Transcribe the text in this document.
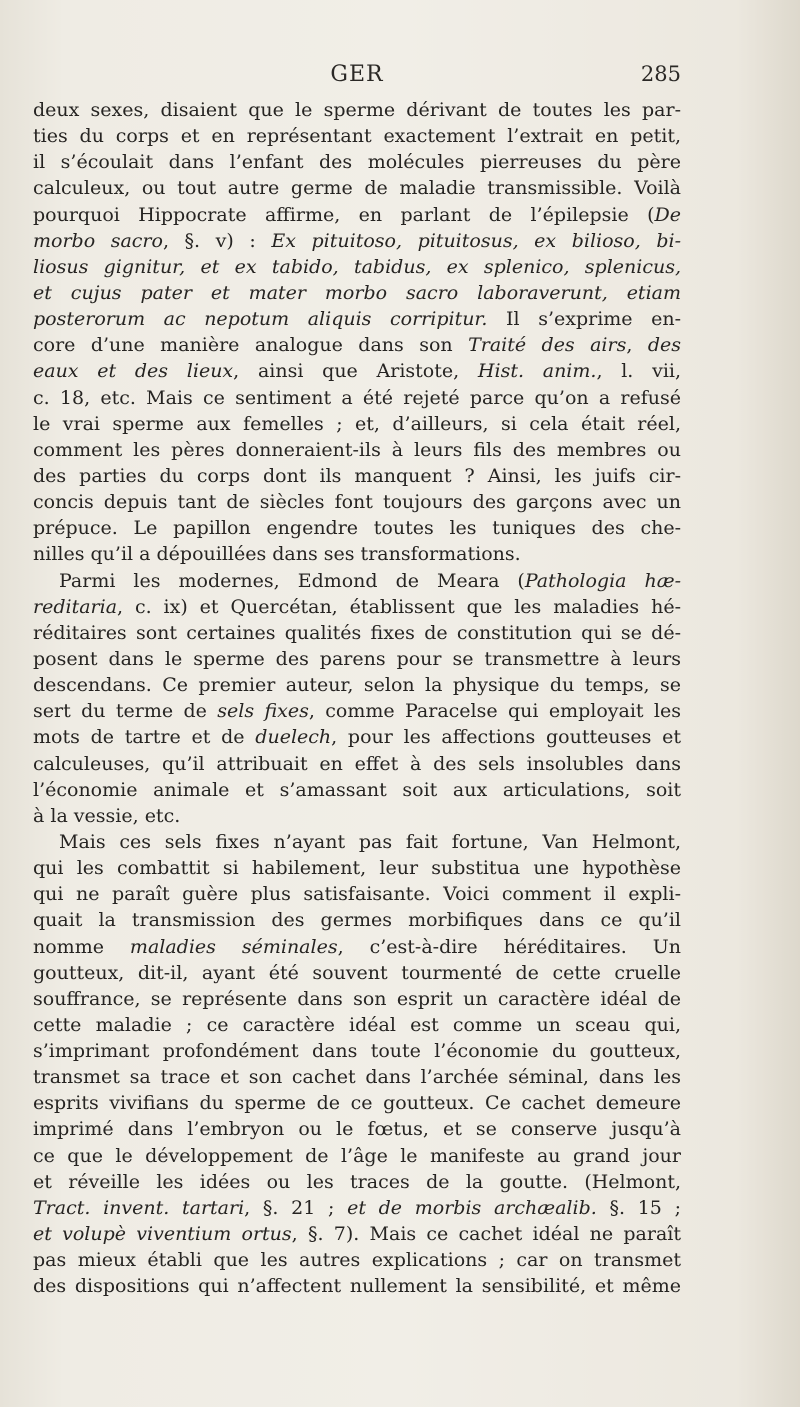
GER	285
deux sexes, disaient que le sperme dérivant de toutes les par-
ties du corps et en représentant exactement l’extrait en petit,
il s’écoulait dans l’enfant des molécules pierreuses du père
calculeux, ou tout autre germe de maladie transmissible. Voilà
pourquoi Hippocrate affirme, en parlant de l’épilepsie (De
morbo sacro, §. v) : Ex pituitoso, pituitosus, ex bilioso, bi-
liosus gignitur, et ex tabido, tabidus, ex splenico, splenicus,
et cujus pater et mater morbo sacro laboraverunt, etiam
posterorum ac nepotum aliquis corripitur. Il s’exprime en-
core d’une manière analogue dans son Traité des airs, des
eaux et des lieux, ainsi que Aristote, Hist. anim., l. vii,
c. 18, etc. Mais ce sentiment a été rejeté parce qu’on a refusé
le vrai sperme aux femelles ; et, d’ailleurs, si cela était réel,
comment les pères donneraient-ils à leurs fils des membres ou
des parties du corps dont ils manquent ? Ainsi, les juifs cir-
concis depuis tant de siècles font toujours des garçons avec un
prépuce. Le papillon engendre toutes les tuniques des che-
nilles qu’il a dépouillées dans ses transformations.
Parmi les modernes, Edmond de Meara (Pathologia hæ-
reditaria, c. ix) et Quercétan, établissent que les maladies hé-
réditaires sont certaines qualités fixes de constitution qui se dé-
posent dans le sperme des parens pour se transmettre à leurs
descendans. Ce premier auteur, selon la physique du temps, se
sert du terme de sels fixes, comme Paracelse qui employait les
mots de tartre et de duelech, pour les affections goutteuses et
calculeuses, qu’il attribuait en effet à des sels insolubles dans
l’économie animale et s’amassant soit aux articulations, soit
à la vessie, etc.
Mais ces sels fixes n’ayant pas fait fortune, Van Helmont,
qui les combattit si habilement, leur substitua une hypothèse
qui ne paraît guère plus satisfaisante. Voici comment il expli-
quait la transmission des germes morbifiques dans ce qu’il
nomme maladies séminales, c’est-à-dire héréditaires. Un
goutteux, dit-il, ayant été souvent tourmenté de cette cruelle
souffrance, se représente dans son esprit un caractère idéal de
cette maladie ; ce caractère idéal est comme un sceau qui,
s’imprimant profondément dans toute l’économie du goutteux,
transmet sa trace et son cachet dans l’archée séminal, dans les
esprits vivifians du sperme de ce goutteux. Ce cachet demeure
imprimé dans l’embryon ou le fœtus, et se conserve jusqu’à
ce que le développement de l’âge le manifeste au grand jour
et réveille les idées ou les traces de la goutte. (Helmont,
Tract. invent. tartari, §. 21 ; et de morbis archæalib. §. 15 ;
et volupè viventium ortus, §. 7). Mais ce cachet idéal ne paraît
pas mieux établi que les autres explications ; car on transmet
des dispositions qui n’affectent nullement la sensibilité, et même
